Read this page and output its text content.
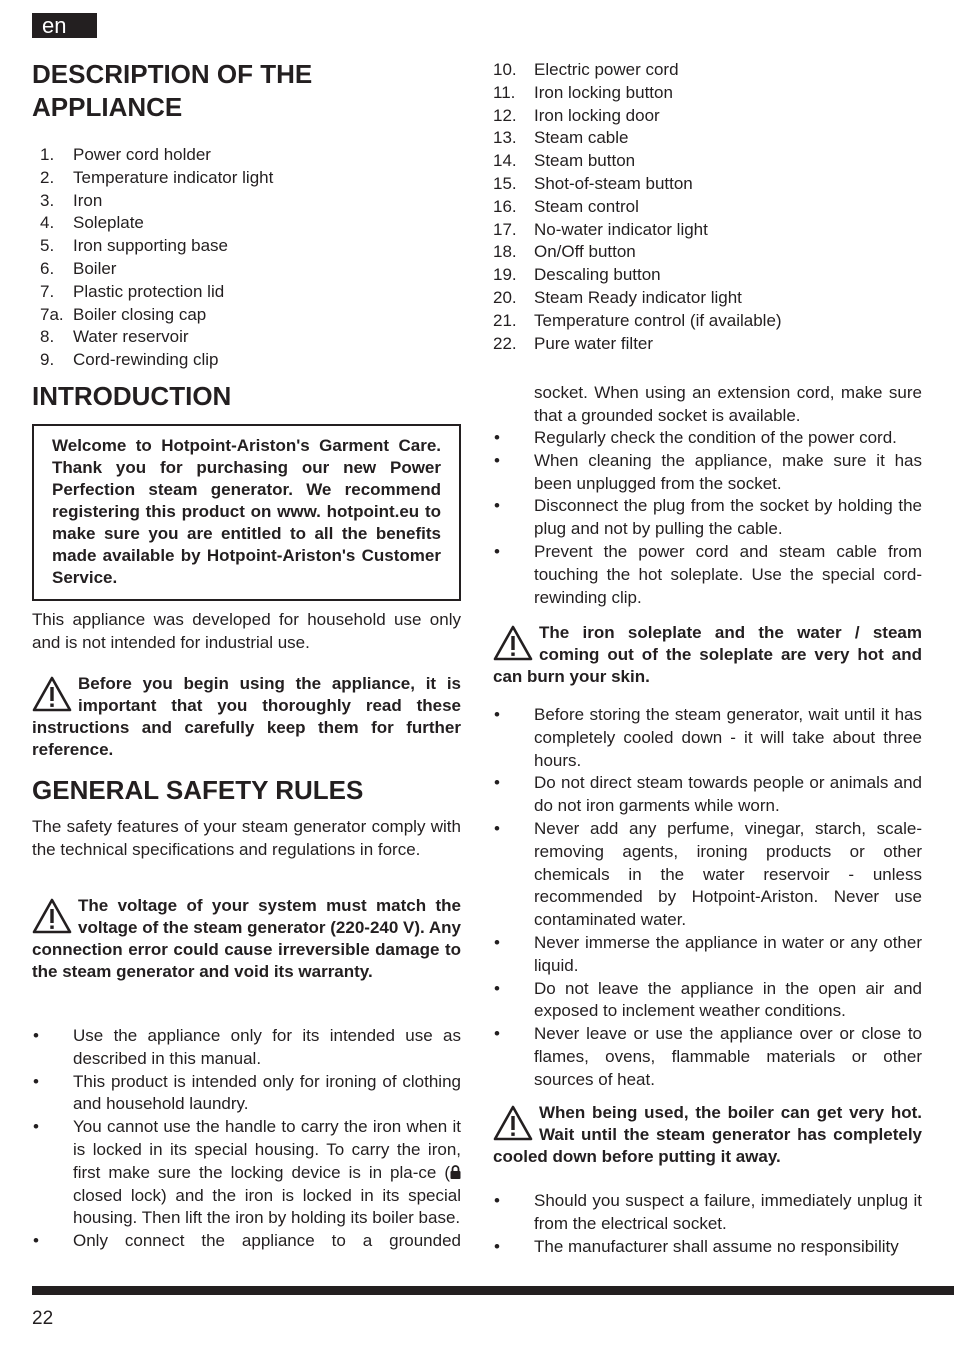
en
DESCRIPTION OF THE APPLIANCE
1.	Power cord holder
2.	Temperature indicator light
3.	Iron
4.	Soleplate
5.	Iron supporting base
6.	Boiler
7.	Plastic protection lid
7a. Boiler closing cap
8.	Water reservoir
9.	Cord-rewinding clip
INTRODUCTION
Welcome to Hotpoint-Ariston's Garment Care. Thank you for purchasing our new Power Perfection steam generator. We recommend registering this product on www. hotpoint.eu to make sure you are entitled to all the benefits made available by Hotpoint-Ariston's Customer Service.

This appliance was developed for household use only and is not intended for industrial use.

Before you begin using the appliance, it is important that you thoroughly read these instructions and carefully keep them for further reference.
GENERAL SAFETY RULES

The safety features of your steam generator comply with the technical specifications and regulations in force.

The voltage of your system must match the voltage of the steam generator (220-240 V). Any connection error could cause irreversible damage to the steam generator and void its warranty.
•	Use the appliance only for its intended use as described in this manual.
•	This product is intended only for ironing of clothing and household laundry.
•	You cannot use the handle to carry the iron when it is locked in its special housing. To carry the iron, first make sure the locking device is in pla-ce ( closed lock) and the iron is locked in its special housing. Then lift the iron by holding its boiler base.
•	Only connect the appliance to a grounded
10.	Electric power cord
11.	Iron locking button
12.	Iron locking door
13.	Steam cable
14.	Steam button
15.	Shot-of-steam button
16.	Steam control
17.	No-water indicator light
18.	On/Off button
19.	Descaling button
20.	Steam Ready indicator light
21.	Temperature control (if available)
22.	Pure water filter

socket. When using an extension cord, make sure that a grounded socket is available.

•	Regularly check the condition of the power cord.
•	When cleaning the appliance, make sure it has been unplugged from the socket.
•	Disconnect the plug from the socket by holding the plug and not by pulling the cable.
•	Prevent the power cord and steam cable from touching the hot soleplate. Use the special cord-rewinding clip.
The iron soleplate and the water / steam coming out of the soleplate are very hot and can burn your skin.
•	Before storing the steam generator, wait until it has completely cooled down - it will take about three hours.
•	Do not direct steam towards people or animals and do not iron garments while worn.
•	Never add any perfume, vinegar, starch, scale-removing agents, ironing products or other chemicals in the water reservoir - unless recommended by Hotpoint-Ariston. Never use contaminated water.
•	Never immerse the appliance in water or any other liquid.
•	Do not leave the appliance in the open air and exposed to inclement weather conditions.
•	Never leave or use the appliance over or close to flames, ovens, flammable materials or other sources of heat.
When being used, the boiler can get very hot. Wait until the steam generator has completely cooled down before putting it away.
•	Should you suspect a failure, immediately unplug it from the electrical socket.
•	The manufacturer shall assume no responsibility
22
